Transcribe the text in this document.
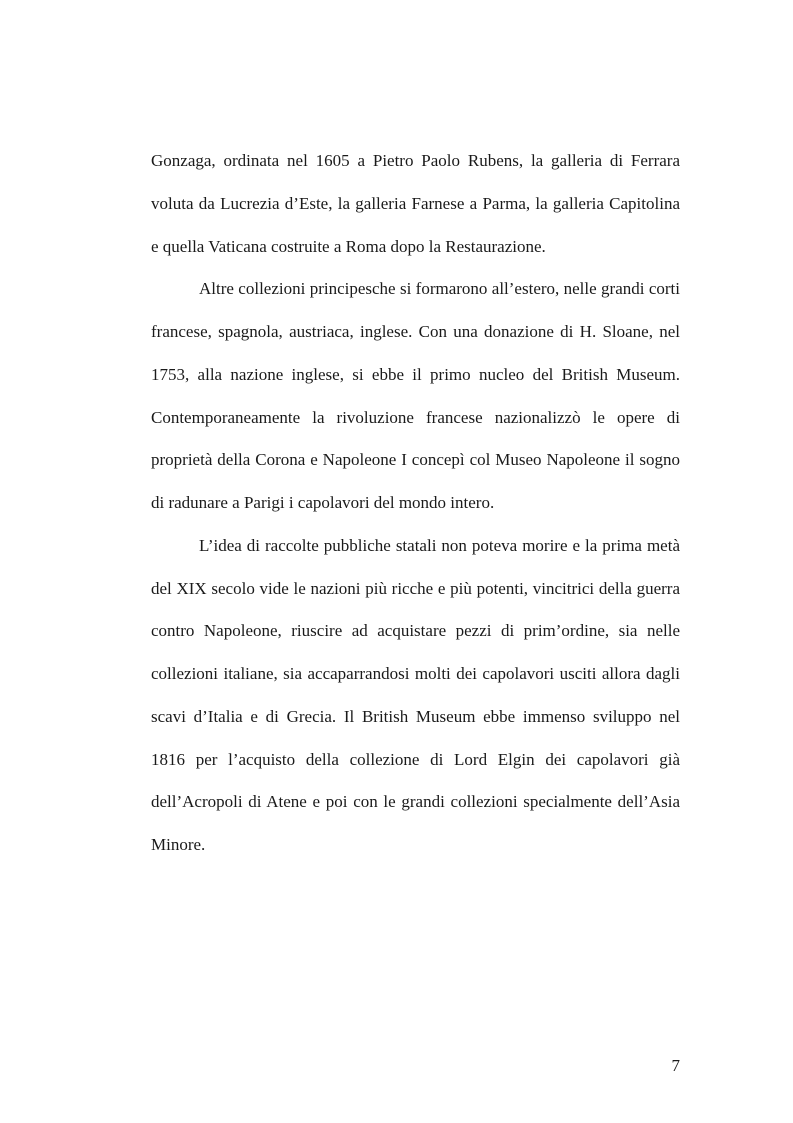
Gonzaga, ordinata nel 1605 a Pietro Paolo Rubens, la galleria di Ferrara voluta da Lucrezia d’Este, la galleria Farnese a Parma, la galleria Capitolina e quella Vaticana costruite a Roma dopo la Restaurazione.

Altre collezioni principesche si formarono all’estero, nelle grandi corti francese, spagnola, austriaca, inglese. Con una donazione di H. Sloane, nel 1753, alla nazione inglese, si ebbe il primo nucleo del British Museum. Contemporaneamente la rivoluzione francese nazionalizzò le opere di proprietà della Corona e Napoleone I concepì col Museo Napoleone il sogno di radunare a Parigi i capolavori del mondo intero.

L’idea di raccolte pubbliche statali non poteva morire e la prima metà del XIX secolo vide le nazioni più ricche e più potenti, vincitrici della guerra contro Napoleone, riuscire ad acquistare pezzi di prim’ordine, sia nelle collezioni italiane, sia accaparrandosi molti dei capolavori usciti allora dagli scavi d’Italia e di Grecia. Il British Museum ebbe immenso sviluppo nel 1816 per l’acquisto della collezione di Lord Elgin dei capolavori già dell’Acropoli di Atene e poi con le grandi collezioni specialmente dell’Asia Minore.

7
